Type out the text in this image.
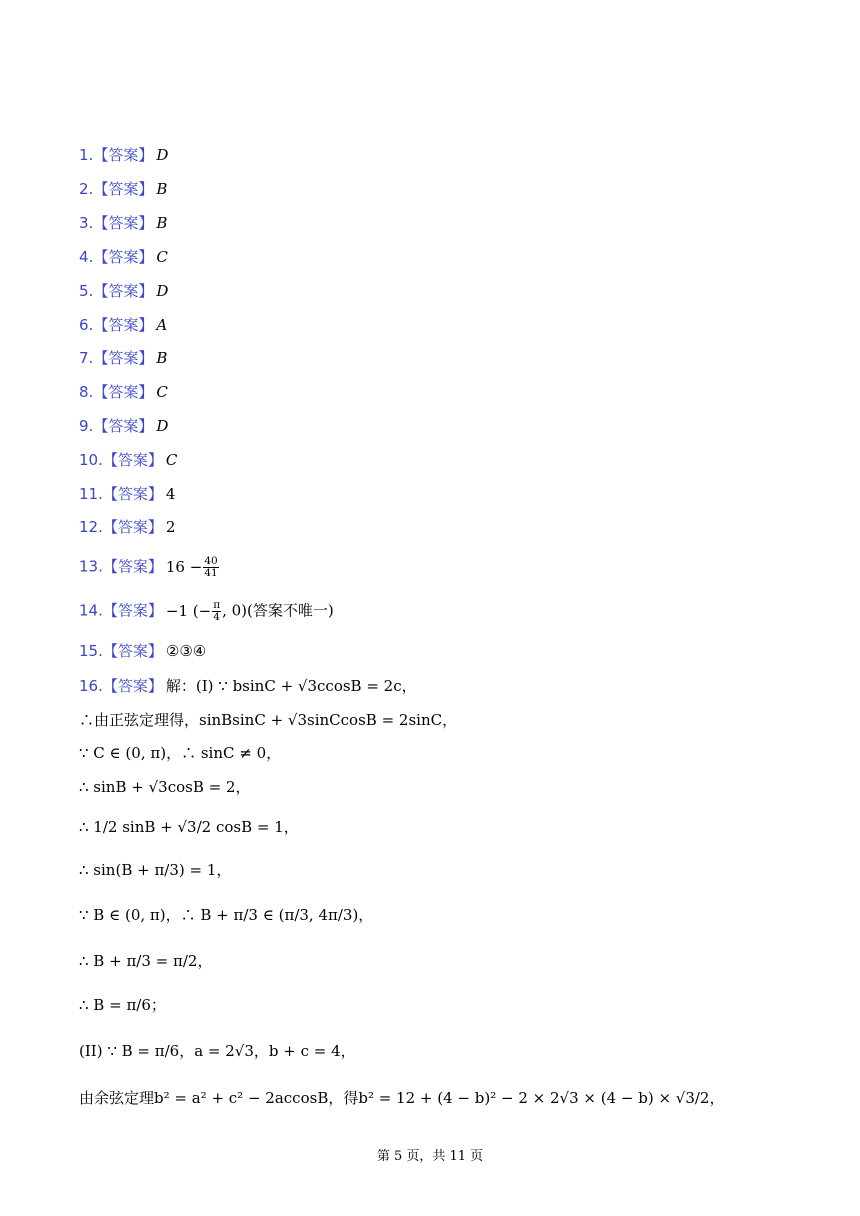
1.【答案】 D
2.【答案】 B
3.【答案】 B
4.【答案】 C
5.【答案】 D
6.【答案】 A
7.【答案】 B
8.【答案】 C
9.【答案】 D
10.【答案】 C
11.【答案】 4
12.【答案】 2
13.【答案】 $16 - \frac{40}{41}$
14.【答案】 −1 (− $\frac{\pi}{4}$ , 0)(答案不唯一)
15.【答案】 ②③④
16.【答案】 解：(I) ∵ bsinC + √3ccosB = 2c，
∴由正弦定理得，sinBsinC + √3sinCcosB = 2sinC，
∵ C ∈ (0, π)，∴ sinC ≠ 0，
∴ sinB + √3cosB = 2，
∴ 1/2 sinB + √3/2 cosB = 1，
∴ sin(B + π/3) = 1，
∵ B ∈ (0, π)，∴ B + π/3 ∈ (π/3, 4π/3)，
∴ B + π/3 = π/2，
∴ B = π/6；
(II) ∵ B = π/6，a = 2√3，b + c = 4，
由余弦定理b² = a² + c² − 2accosB，得b² = 12 + (4 − b)² − 2 × 2√3 × (4 − b) × √3/2，
第 5 页，共 11 页
